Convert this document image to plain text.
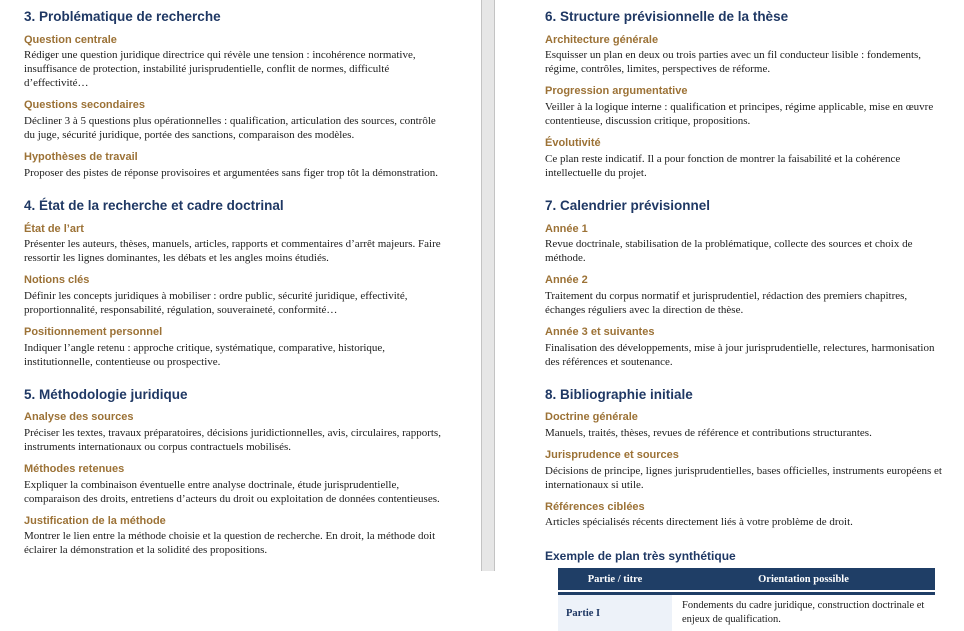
3. Problématique de recherche
Question centrale

Rédiger une question juridique directrice qui révèle une tension : incohérence normative, insuffisance de protection, instabilité jurisprudentielle, conflit de normes, difficulté d’effectivité…

Questions secondaires

Décliner 3 à 5 questions plus opérationnelles : qualification, articulation des sources, contrôle du juge, sécurité juridique, portée des sanctions, comparaison des modèles.

Hypothèses de travail

Proposer des pistes de réponse provisoires et argumentées sans figer trop tôt la démonstration.

4. État de la recherche et cadre doctrinal
État de l’art

Présenter les auteurs, thèses, manuels, articles, rapports et commentaires d’arrêt majeurs. Faire ressortir les lignes dominantes, les débats et les angles moins étudiés.

Notions clés

Définir les concepts juridiques à mobiliser : ordre public, sécurité juridique, effectivité, proportionnalité, responsabilité, régulation, souveraineté, conformité…

Positionnement personnel

Indiquer l’angle retenu : approche critique, systématique, comparative, historique, institutionnelle, contentieuse ou prospective.

5. Méthodologie juridique
Analyse des sources

Préciser les textes, travaux préparatoires, décisions juridictionnelles, avis, circulaires, rapports, instruments internationaux ou corpus contractuels mobilisés.

Méthodes retenues

Expliquer la combinaison éventuelle entre analyse doctrinale, étude jurisprudentielle, comparaison des droits, entretiens d’acteurs du droit ou exploitation de données contentieuses.

Justification de la méthode

Montrer le lien entre la méthode choisie et la question de recherche. En droit, la méthode doit éclairer la démonstration et la solidité des propositions.

6. Structure prévisionnelle de la thèse
Architecture générale

Esquisser un plan en deux ou trois parties avec un fil conducteur lisible : fondements, régime, contrôles, limites, perspectives de réforme.

Progression argumentative

Veiller à la logique interne : qualification et principes, régime applicable, mise en œuvre contentieuse, discussion critique, propositions.

Évolutivité

Ce plan reste indicatif. Il a pour fonction de montrer la faisabilité et la cohérence intellectuelle du projet.

7. Calendrier prévisionnel
Année 1

Revue doctrinale, stabilisation de la problématique, collecte des sources et choix de méthode.

Année 2

Traitement du corpus normatif et jurisprudentiel, rédaction des premiers chapitres, échanges réguliers avec la direction de thèse.

Année 3 et suivantes

Finalisation des développements, mise à jour jurisprudentielle, relectures, harmonisation des références et soutenance.

8. Bibliographie initiale
Doctrine générale

Manuels, traités, thèses, revues de référence et contributions structurantes.

Jurisprudence et sources

Décisions de principe, lignes jurisprudentielles, bases officielles, instruments européens et internationaux si utile.

Références ciblées

Articles spécialisés récents directement liés à votre problème de droit.

Exemple de plan très synthétique
Partie / titre	Orientation possible
Partie I
Fondements du cadre juridique, construction doctrinale et enjeux de qualification.
